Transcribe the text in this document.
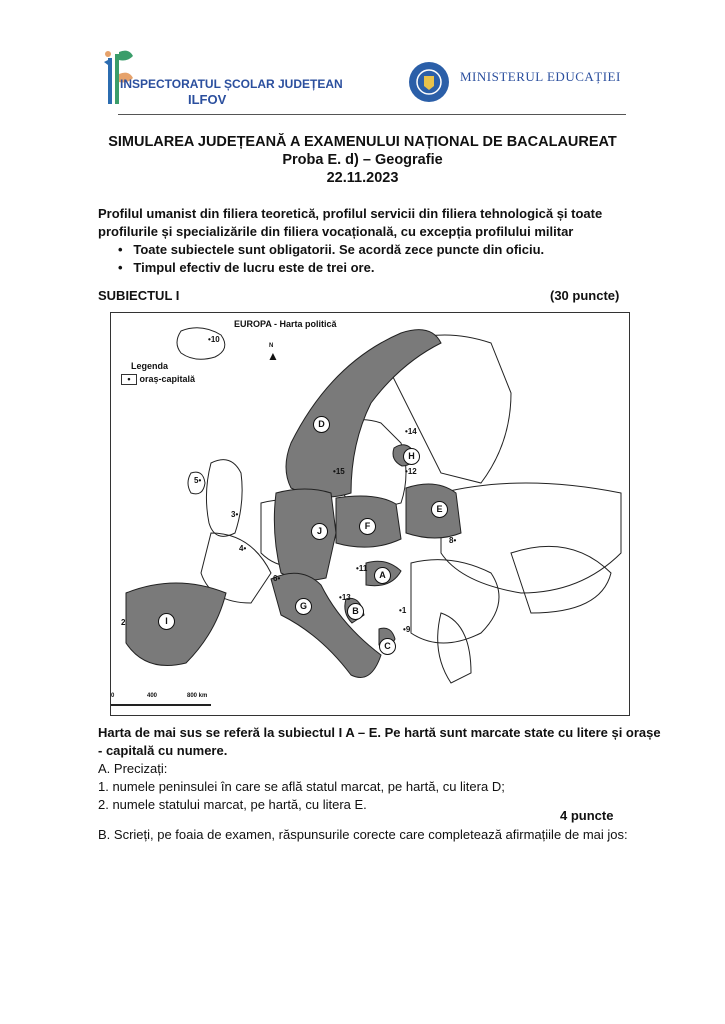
INSPECTORATUL ȘCOLAR JUDEȚEAN
ILFOV
MINISTERUL EDUCAȚIEI
SIMULAREA JUDEȚEANĂ A EXAMENULUI NAȚIONAL DE BACALAUREAT
Proba E. d) – Geografie
22.11.2023
Profilul umanist din filiera teoretică, profilul servicii din filiera tehnologică și toate
profilurile și specializările din filiera vocațională, cu excepția profilului militar
•   Toate subiectele sunt obligatorii. Se acordă zece puncte din oficiu.
•   Timpul efectiv de lucru este de trei ore.
SUBIECTUL I	(30 puncte)
EUROPA - Harta politică
N
▲
Legenda
• oraș-capitală
D
H
E
J	F
A
G	B
C
I
•1
2
3•
4•
5•
6•
8•
•9
•10
•11
•12
•13
•14
•15
0	400	800 km
Harta de mai sus se referă la subiectul I A – E. Pe hartă sunt marcate state cu litere și orașe
- capitală cu numere.
A. Precizați:
1. numele peninsulei în care se află statul marcat, pe hartă, cu litera D;
2. numele statului marcat, pe hartă, cu litera E.
4 puncte
B. Scrieți, pe foaia de examen, răspunsurile corecte care completează afirmațiile de mai jos:
